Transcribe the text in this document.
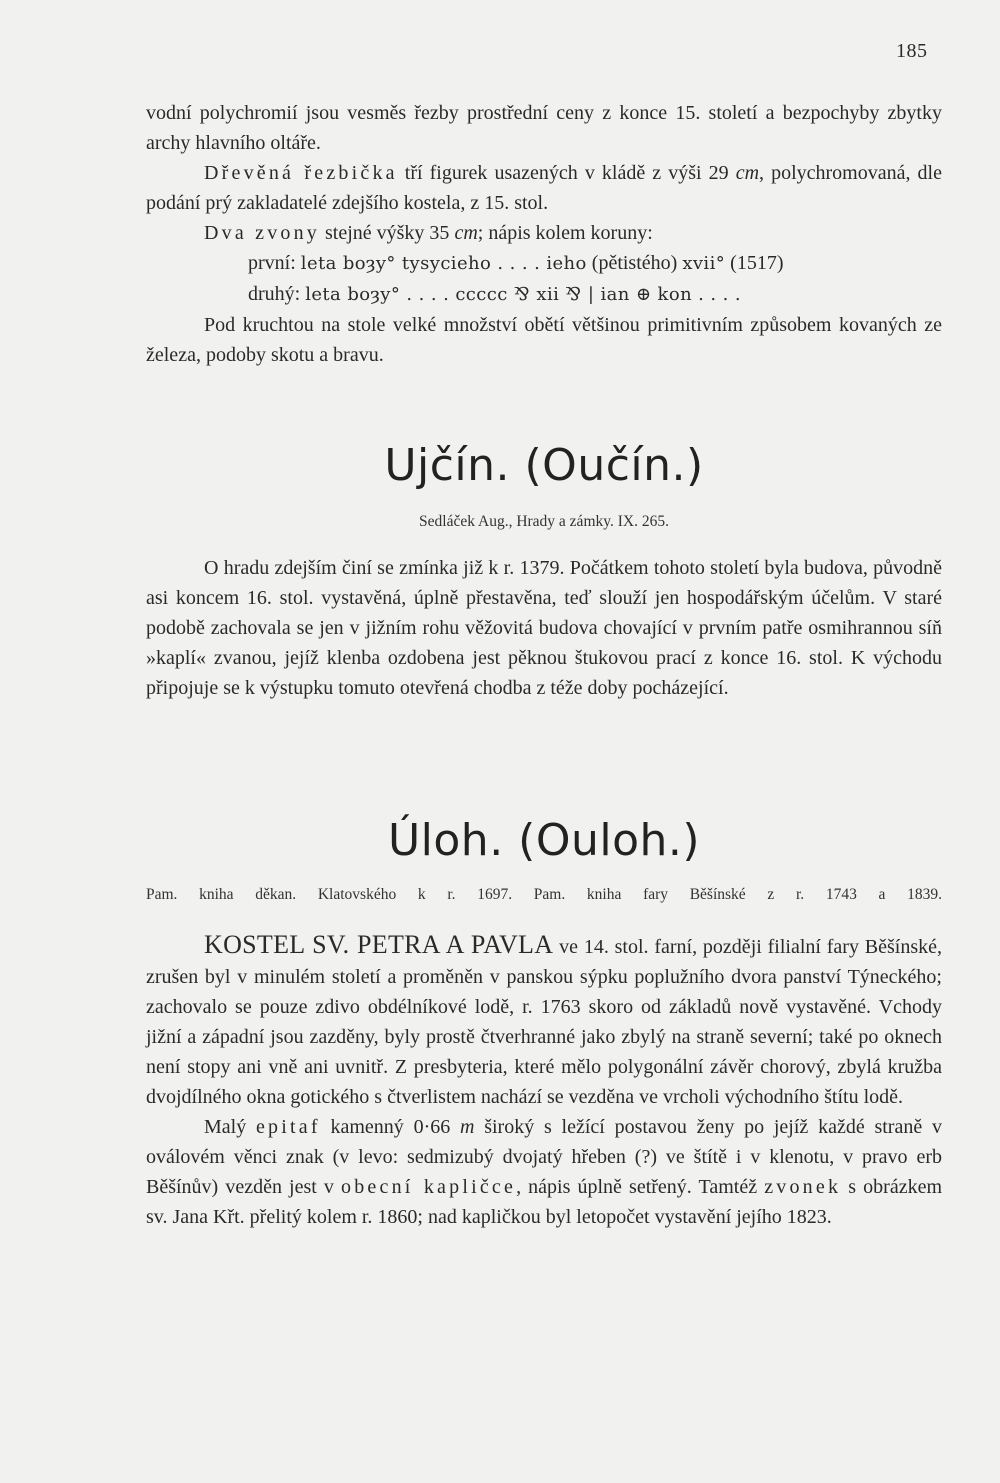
185

vodní polychromií jsou vesměs řezby prostřední ceny z konce 15. století a bezpochyby zbytky archy hlavního oltáře.

Dřevěná řezbička tří figurek usazených v kládě z výši 29 cm, polychromovaná, dle podání prý zakladatelé zdejšího kostela, z 15. stol.

Dva zvony stejné výšky 35 cm; nápis kolem koruny:

první: leta boȝy° tysyciehо . . . . ieho (pětistého) xvii° (1517)
druhý: leta boȝy° . . . . ccccc ⅋ xii ⅋ | ian ⊕ kon . . . .

Pod kruchtou na stole velké množství obětí většinou primitivním způsobem kovaných ze železa, podoby skotu a bravu.

Ujčín. (Oučín.)

Sedláček Aug., Hrady a zámky. IX. 265.

O hradu zdejším činí se zmínka již k r. 1379. Počátkem tohoto století byla budova, původně asi koncem 16. stol. vystavěná, úplně přestavěna, teď slouží jen hospodářským účelům. V staré podobě zachovala se jen v jižním rohu věžovitá budova chovající v prvním patře osmihrannou síň »kaplí« zvanou, jejíž klenba ozdobena jest pěknou štukovou prací z konce 16. stol. K východu připojuje se k výstupku tomuto otevřená chodba z téže doby pocházející.

Úloh. (Ouloh.)

Pam. kniha děkan. Klatovského k r. 1697. Pam. kniha fary Běšínské z r. 1743 a 1839.

KOSTEL SV. PETRA A PAVLA ve 14. stol. farní, později filialní fary Běšínské, zrušen byl v minulém století a proměněn v panskou sýpku poplužního dvora panství Týneckého; zachovalo se pouze zdivo obdélníkové lodě, r. 1763 skoro od základů nově vystavěné. Vchody jižní a západní jsou zazděny, byly prostě čtverhranné jako zbylý na straně severní; také po oknech není stopy ani vně ani uvnitř. Z presbyteria, které mělo polygonální závěr chorový, zbylá kružba dvojdílného okna gotického s čtverlistem nachází se vezděna ve vrcholi východního štítu lodě.

Malý epitaf kamenný 0·66 m široký s ležící postavou ženy po jejíž každé straně v oválovém věnci znak (v levo: sedmizubý dvojatý hřeben (?) ve štítě i v klenotu, v pravo erb Běšínův) vezděn jest v obecní kapličce, nápis úplně setřený. Tamtéž zvonek s obrázkem sv. Jana Křt. přelitý kolem r. 1860; nad kapličkou byl letopočet vystavění jejího 1823.
